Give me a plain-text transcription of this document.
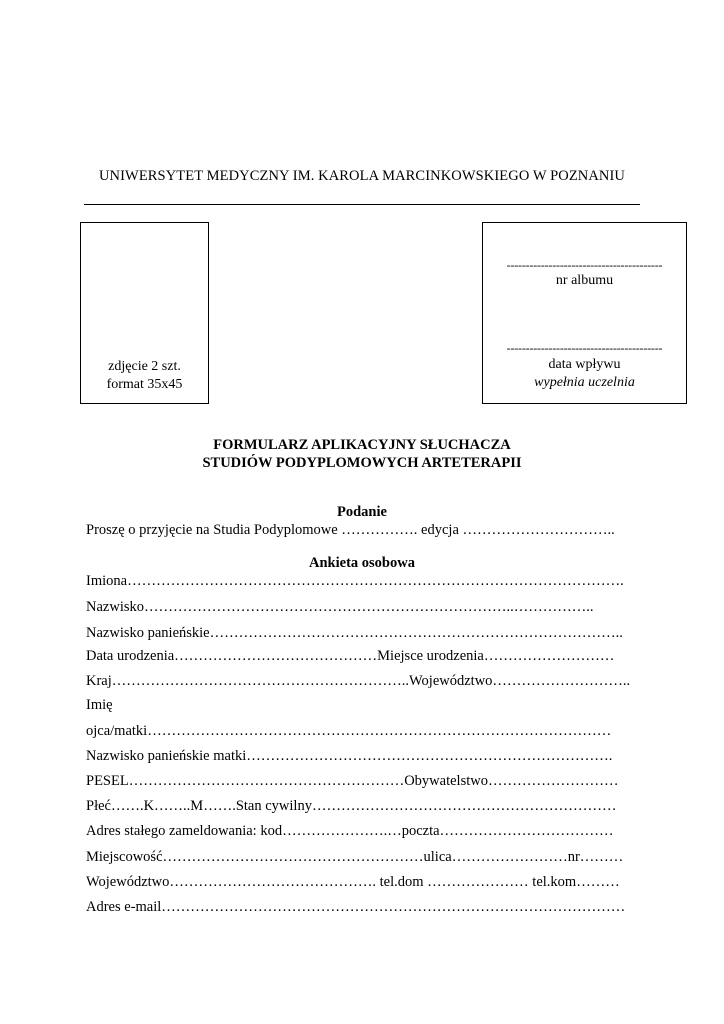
UNIWERSYTET MEDYCZNY IM. KAROLA MARCINKOWSKIEGO W POZNANIU
zdjęcie 2 szt.
format 35x45
-----------------------------------------
nr albumu
-----------------------------------------
data wpływu
wypełnia uczelnia
FORMULARZ APLIKACYJNY SŁUCHACZA
STUDIÓW PODYPLOMOWYCH ARTETERAPII
Podanie
Proszę o przyjęcie na Studia Podyplomowe ……………. edycja …………………………..
Ankieta osobowa
Imiona………………………………………………………………………………………….
Nazwisko…………………………………………………………………..……………..
Nazwisko panieńskie…………………………………………………………………………..
Data urodzenia……………………………………Miejsce urodzenia………………………
Kraj……………………………………………………..Województwo………………………..
Imię
ojca/matki……………………………………………………………………………………
Nazwisko panieńskie matki………………………………………………………………….
PESEL…………………………………………………Obywatelstwo………………………
Płeć…….K……..M…….Stan cywilny………………………………………………………
Adres stałego zameldowania: kod………………….…poczta………………………………
Miejscowość………………………………………………ulica……………………nr………
Województwo……………………………………. tel.dom ………………… tel.kom………
Adres e-mail……………………………………………………………………………………
